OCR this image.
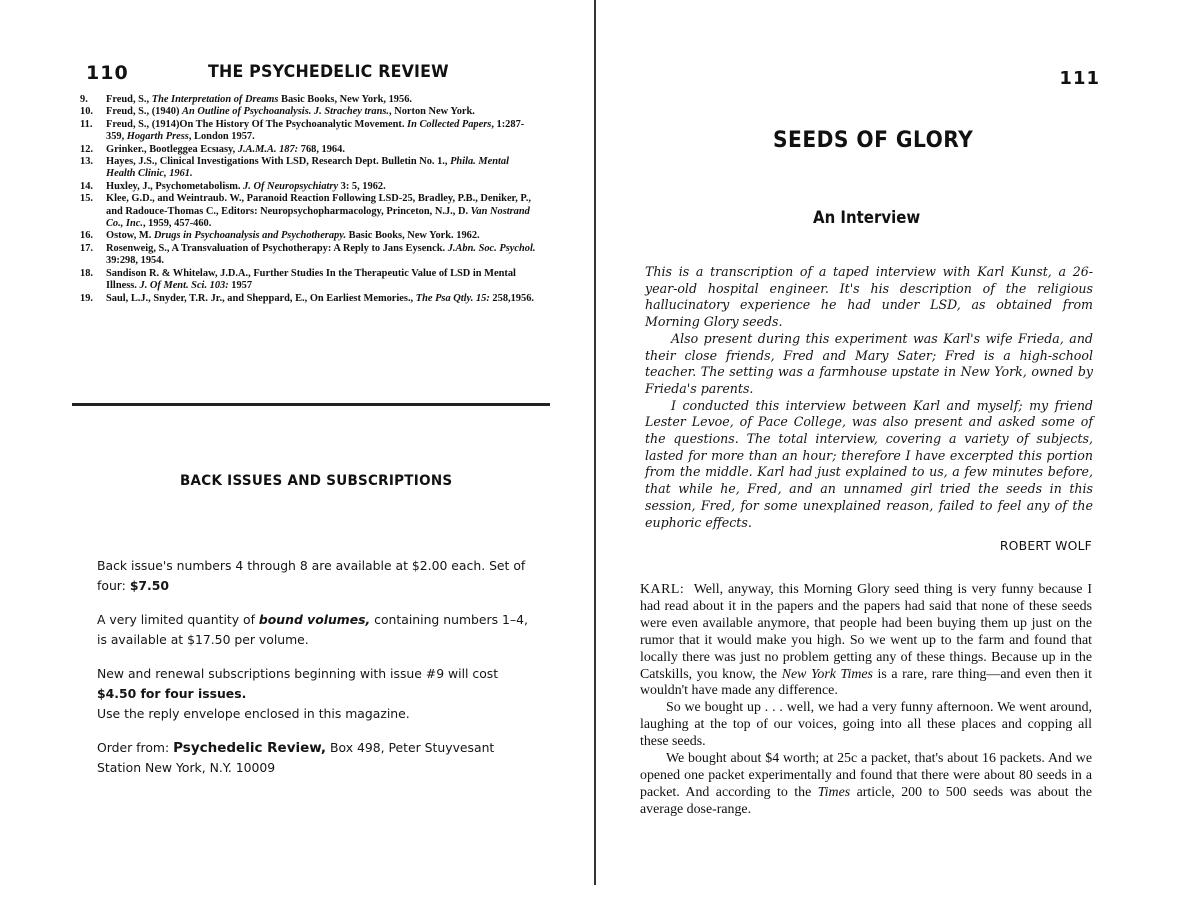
110	THE PSYCHEDELIC REVIEW
9.	Freud, S., The Interpretation of Dreams Basic Books, New York, 1956.
10.	Freud, S., (1940) An Outline of Psychoanalysis. J. Strachey trans., Norton New York.
11.	Freud, S., (1914)On The History Of The Psychoanalytic Movement. In Collected Papers, 1:287-359, Hogarth Press, London 1957.
12.	Grinker., Bootleggea Ecsıasy, J.A.M.A. 187: 768, 1964.
13.	Hayes, J.S., Clinical Investigations With LSD, Research Dept. Bulletin No. 1., Phila. Mental Health Clinic, 1961.
14.	Huxley, J., Psychometabolism. J. Of Neuropsychiatry 3: 5, 1962.
15.	Klee, G.D., and Weintraub. W., Paranoid Reaction Following LSD-25, Bradley, P.B., Deniker, P., and Radouce-Thomas C., Editors: Neuropsychopharmacology, Princeton, N.J., D. Van Nostrand Co., Inc., 1959, 457-460.
16.	Ostow, M. Drugs in Psychoanalysis and Psychotherapy. Basic Books, New York. 1962.
17.	Rosenweig, S., A Transvaluation of Psychotherapy: A Reply to Jans Eysenck. J.Abn. Soc. Psychol. 39:298, 1954.
18.	Sandison R. & Whitelaw, J.D.A., Further Studies In the Therapeutic Value of LSD in Mental Illness. J. Of Ment. Sci. 103: 1957
19.	Saul, L.J., Snyder, T.R. Jr., and Sheppard, E., On Earliest Memories., The Psa Qtly. 15: 258,1956.
BACK ISSUES AND SUBSCRIPTIONS
Back issue's numbers 4 through 8 are available at $2.00 each. Set of four: $7.50
A very limited quantity of bound volumes, containing numbers 1–4, is available at $17.50 per volume.
New and renewal subscriptions beginning with issue #9 will cost
$4.50 for four issues.
Use the reply envelope enclosed in this magazine.
Order from: Psychedelic Review, Box 498, Peter Stuyvesant Station New York, N.Y. 10009
111
SEEDS OF GLORY
An Interview

This is a transcription of a taped interview with Karl Kunst, a 26-year-old hospital engineer. It's his description of the religious hallucinatory experience he had under LSD, as obtained from Morning Glory seeds.

Also present during this experiment was Karl's wife Frieda, and their close friends, Fred and Mary Sater; Fred is a high-school teacher. The setting was a farmhouse upstate in New York, owned by Frieda's parents.

I conducted this interview between Karl and myself; my friend Lester Levoe, of Pace College, was also present and asked some of the questions. The total interview, covering a variety of subjects, lasted for more than an hour; therefore I have excerpted this portion from the middle. Karl had just explained to us, a few minutes before, that while he, Fred, and an unnamed girl tried the seeds in this session, Fred, for some unexplained reason, failed to feel any of the euphoric effects.

ROBERT WOLF

KARL: Well, anyway, this Morning Glory seed thing is very funny because I had read about it in the papers and the papers had said that none of these seeds were even available anymore, that people had been buying them up just on the rumor that it would make you high. So we went up to the farm and found that locally there was just no problem getting any of these things. Because up in the Catskills, you know, the New York Times is a rare, rare thing—and even then it wouldn't have made any difference.

So we bought up . . . well, we had a very funny afternoon. We went around, laughing at the top of our voices, going into all these places and copping all these seeds.

We bought about $4 worth; at 25c a packet, that's about 16 packets. And we opened one packet experimentally and found that there were about 80 seeds in a packet. And according to the Times article, 200 to 500 seeds was about the average dose-range.
